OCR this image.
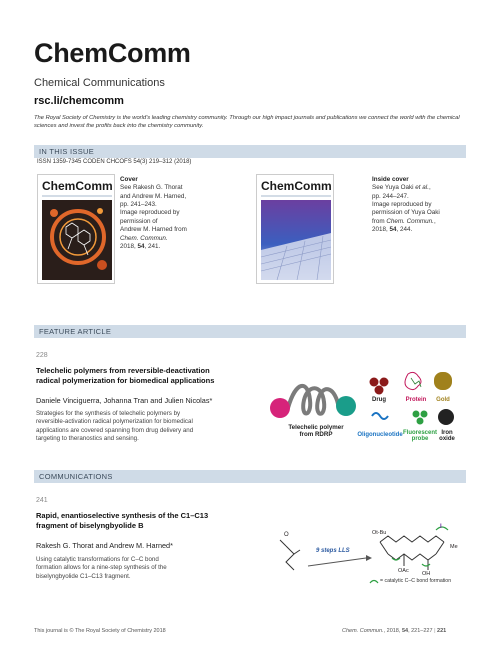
ChemComm
Chemical Communications
rsc.li/chemcomm
The Royal Society of Chemistry is the world's leading chemistry community. Through our high impact journals and publications we connect the world with the chemical sciences and invest the profits back into the chemistry community.
IN THIS ISSUE
ISSN 1359-7345 CODEN CHCOFS 54(3) 219–312 (2018)
ChemComm Cover
See Rakesh G. Thorat
and Andrew M. Harned,
pp. 241–243.
Image reproduced by
permission of
Andrew M. Harned from
Chem. Commun.
2018, 54, 241.
ChemComm	Inside cover
See Yuya Oaki et al.,
pp. 244–247.
Image reproduced by
permission of Yuya Oaki
from Chem. Commun.,
2018, 54, 244.
FEATURE ARTICLE
228
Telechelic polymers from reversible-deactivation
radical polymerization for biomedical applications
Daniele Vinciguerra, Johanna Tran and Julien Nicolas*
Strategies for the synthesis of telechelic polymers by
reversible-activation radical polymerization for biomedical
applications are covered spanning from drug delivery and
targeting to theranostics and sensing.
α	ω
Telechelic polymer
from RDRP
Drug	Protein	Gold
Oligonucleotide Fluorescent
probe
Iron
oxide
COMMUNICATIONS
241
Rapid, enantioselective synthesis of the C1–C13
fragment of biselyngbyolide B
Rakesh G. Thorat and Andrew M. Harned*
Using catalytic transformations for C–C bond
formation allows for a nine-step synthesis of the
biselyngbyolide C1–C13 fragment.
O
9 steps LLS
Ot-Bu
I
Me
OAc OH
= catalytic C–C bond formation
This journal is © The Royal Society of Chemistry 2018	Chem. Commun., 2018, 54, 221–227 | 221
